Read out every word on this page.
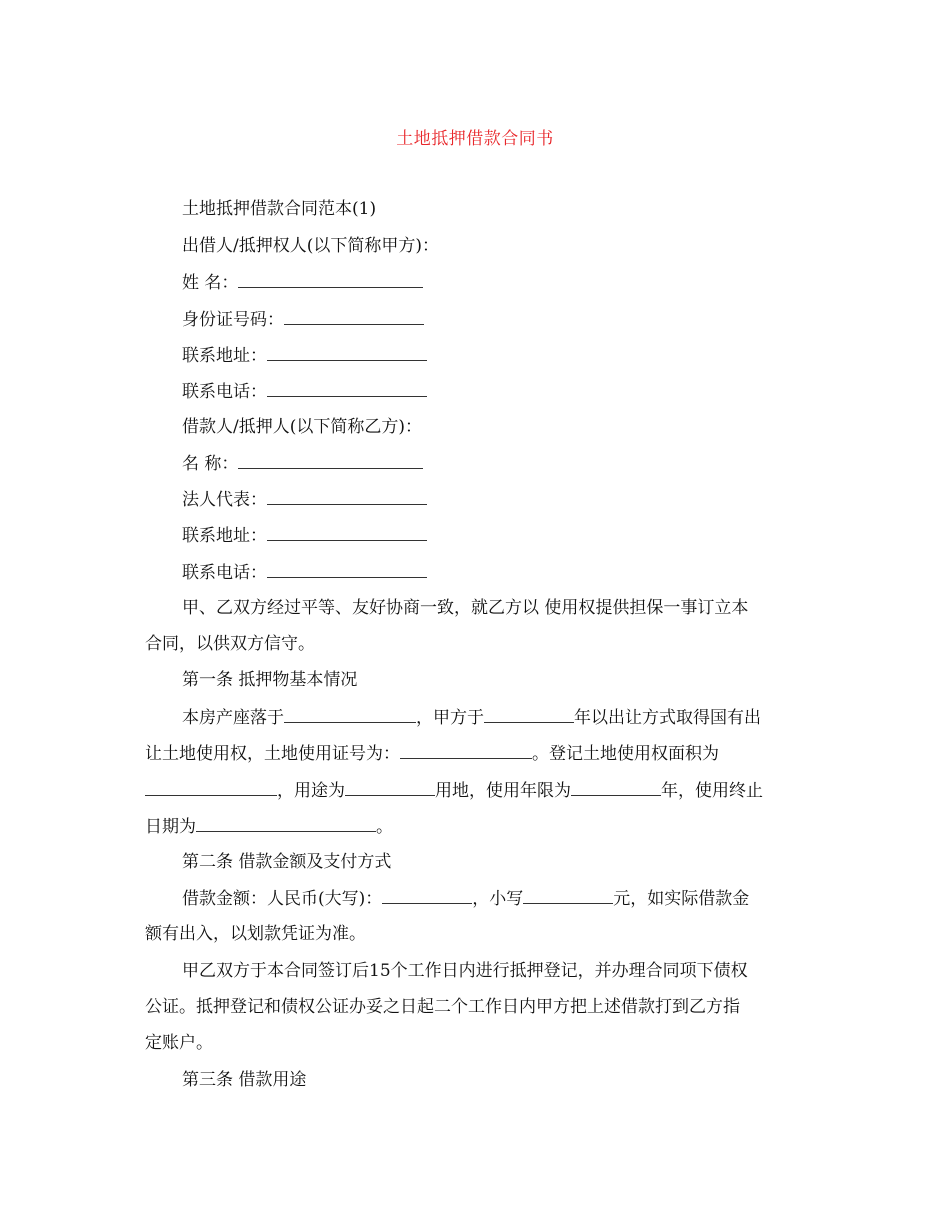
土地抵押借款合同书
土地抵押借款合同范本(1)
出借人/抵押权人(以下简称甲方)：
姓 名：
身份证号码：
联系地址：
联系电话：
借款人/抵押人(以下简称乙方)：
名 称：
法人代表：
联系地址：
联系电话：
甲、乙双方经过平等、友好协商一致，就乙方以 使用权提供担保一事订立本
合同，以供双方信守。
第一条 抵押物基本情况
本房产座落于	，甲方于	年以出让方式取得国有出
让土地使用权，土地使用证号为：	。登记土地使用权面积为
，用途为	用地，使用年限为	年，使用终止
日期为	。
第二条 借款金额及支付方式
借款金额：人民币(大写)：	，小写	元，如实际借款金
额有出入，以划款凭证为准。
甲乙双方于本合同签订后15个工作日内进行抵押登记，并办理合同项下债权
公证。抵押登记和债权公证办妥之日起二个工作日内甲方把上述借款打到乙方指
定账户。
第三条 借款用途
